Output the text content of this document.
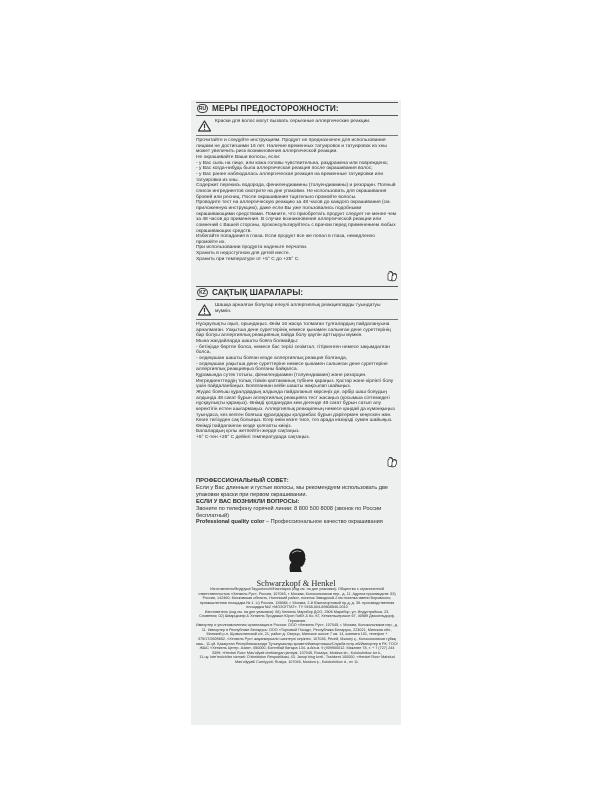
RU МЕРЫ ПРЕДОСТОРОЖНОСТИ:
Краски для волос могут вызвать серьезные аллергические реакции.

Прочитайте и следуйте инструкциям. Продукт не предназначен для использования лицами не достигшими 16 лет. Наличие временных татуировок и татуировок из хны может увеличить риск возникновения аллергической реакции.

Не окрашивайте Ваши волосы, если:

- у Вас сыпь на лице, или кожа головы чувствительна, раздражена или повреждена;

- у Вас когда-нибудь была аллергическая реакция после окрашивания волос;

- у Вас ранее наблюдалась аллергическая реакция на временные татуировки или татуировки из хны.

Содержит перекись водорода, фенилендиамины (толуендиамины) и резорцин. Полный список ингредиентов смотрите на дне упаковки. Не использовать для окрашивания бровей или ресниц. После окрашивания тщательно промойте волосы.

Проводите тест на аллергическую реакцию за 48 часов до каждого окрашивания (см. приложенную инструкцию), даже если Вы уже пользовались подобными окрашивающими средствами. Помните, что приобретать продукт следует не менее чем за 48 часов до применения. В случае возникновения аллергической реакции или сомнений с Вашей стороны, проконсультируйтесь с врачом перед применением любых окрашивающих средств.

Избегайте попадания в глаза. Если продукт все же попал в глаза, немедленно промойте их.

При использовании продукта наденьте перчатки.

Хранить в недоступном для детей месте.

Хранить при температуре от +5° С до +25° С.

KZ САҚТЫҚ ШАРАЛАРЫ:
Шашқа арналған бояулар елеулі аллергиялық реакцияларды туындатуы мүмкін.

Нұсқаулықты оқып, орындаңыз. Өнім 16 жасқа толмаған тұлғалардың пайдалануына арналмаған. Уақытша дене суреттерінің немесе қынамен салынған дене суреттерінің бар болуы аллергиялық реакцияның пайда болу қаупін арттыруы мүмкін.

Мына жағдайларда шашты бояға болмайды:

- бетіңізде бөртпе болса, немесе бас терісі сезімтал, тітіркенген немесе зақымдалған болса,

- әлдеқашан шашты бояған кезде аллергиялық реакция болғанда,

- әлдеқашан уақытша дене суреттеріне немесе қынамен салынған дене суреттеріне аллергиялық реакцияңыз болғаны байқалса.

Құрамында сутек тотығы, фенилендиамин (толуендиамин) және резорцин. Ингредиенттердің толық тізімін қаптаманың түбінен қараңыз. Қастар және кірпікті бояу үшін пайдаланбаңыз. Боялғаннан кейін шашты жақсылап шайыңыз.

Жүдас бояғыш құралдардың алдында пайдаланып көрсеңіз де, әрбір шаш бояудың алдында 48 сағат бұрын аллергиялық реакцияға тест жасаңыз (қосымша сілтемедегі нұсқаулықты қараңыз). Өнімді қолданудан кем дегенде 48 сағат бұрын сатып алу керектігін естен шығармаңыз. Аллергиялық реакцияның немесе қандай да күмәнқыңыз туындаса, кез келген бояғыш құралдарды қолданбас бұрын дәрігермен кеңескен жөн.

Көзге тигізуден сақ болыңыз. Егер өнім көзге тисе, тез арада көзіңізді сумен шайыңыз. Өнімді пайдаланған кезде қолғапты киіңіз.

Балалардың қолы жетпейтін жерде сақтаңыз.

+5° С-тен +25° С дейінгі температурада сақтаңыз.

ПРОФЕССИОНАЛЬНЫЙ СОВЕТ:

Если у Вас длинные и густые волосы, мы рекомендуем использовать две упаковки краски при первом окрашивании.

ЕСЛИ У ВАС ВОЗНИКЛИ ВОПРОСЫ:

Звоните по телефону горячей линии: 8 800 500 8008 (звонок по России бесплатный)

Professional quality color – Профессиональное качество окрашивания

Schwarzkopf & Henkel

Изготовитель/Өндіруші/Tayyorlovchi/Hazırlayan (код см. на дне упаковки): Общество с ограниченной ответственностью «Хенкель Рус», Россия, 107045, г. Москва, Колокольников пер., д. 11. Адреса производств: 53) Россия, 142460, Московская область, Ногинский район, поселок Заводской-2 км поселка имени Воровского, промышленная площадка № 1. Li) Россия, 115088, г. Москва, 2-й Южнопортовый пр-д, д. 35. производственная площадка №2 «МОЗОПТАТ». ТУ 9158-004-89608540-2010

Изготовитель (код см. на дне упаковки): 06) Хенкель Марибор ДОО, 2506 Марибор, ул. Индустрийска, 23, Словения; 02) Шварцкопф & Хенкель Продакшн Юроп ГмбХ & Ко. КГ, Хенкельштрассе 67, 40589 Дюссельдорф, Германия.

Импортер и уполномоченная организация в России: ООО «Хенкель Рус», 107045, г. Москва, Колокольников пер., д. 11. Импортер в Республике Беларусь: ООО «Торговый Посад», Республика Беларусь, 223021, Минская обл., Минский р-н, Щомыслинский с/с, 21, район д. Озерцо, Минское шоссе 7 км. 14, комната 101, телефон + 375/17/2609652. «Хенкель Рус» жауапкершілігі шектеулі серіктес, 107045, Ресей, Мәскеу қ., Колокольников тұйық көш., 11-үй. Қазақстан Республикасында Тұтынушылар қызметі/Импортлашы/Служба потр-ей/Импортер в РК: ТОО/ЖШС «Хенкель Центр. Азия», 050000, Богенбай батыра 134, а-й/а.м. 9 (909900012. Макатие 78, т. + 7 (727) 244 3399; «Henkel Rus» Mas'uliyati cheklangan jamiyat, 107045, Rossiya, Moskva sh., Kolokolnikov tor k.,

11-uy. Iste'molchilar xizmati: O'zbekiston Respublikasi, 43. Janop'ning kvrtl., Toshkent 100000. «Henkel Rus» Mahdud Mas'uliyyatli Cəmiyyəti, Rusiya, 107045, Moskva ş., Kolokolnikov d., ev 11.
